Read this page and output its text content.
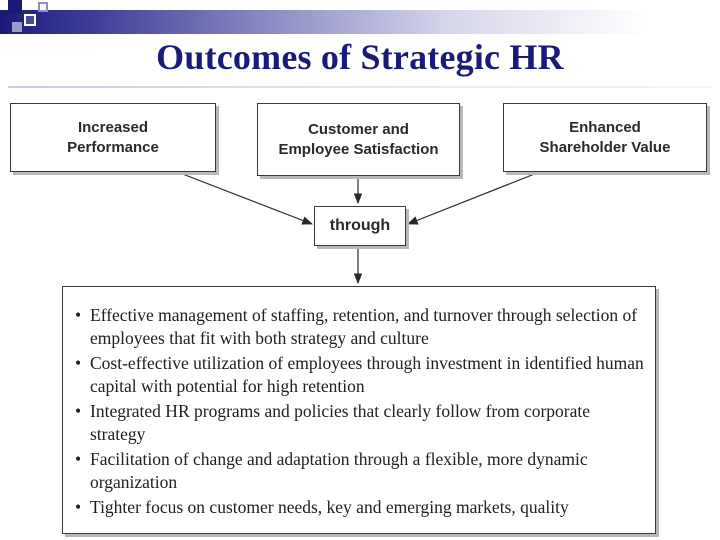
Outcomes of Strategic HR
Increased
Performance
Customer and
Employee Satisfaction
Enhanced
Shareholder Value
through
• Effective management of staffing, retention, and turnover through selection of employees that fit with both strategy and culture
• Cost-effective utilization of employees through investment in identified human capital with potential for high retention
• Integrated HR programs and policies that clearly follow from corporate strategy
• Facilitation of change and adaptation through a flexible, more dynamic organization
• Tighter focus on customer needs, key and emerging markets, quality
